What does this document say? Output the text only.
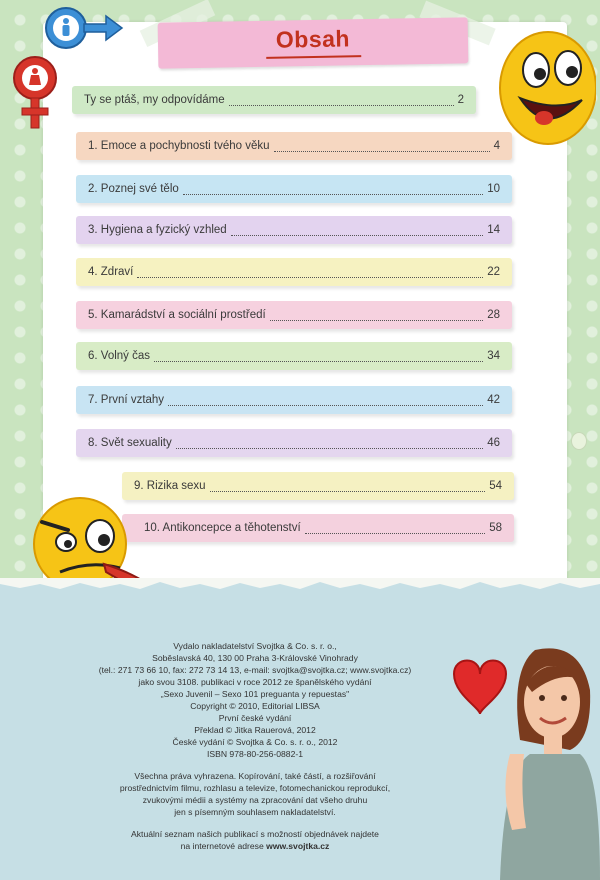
Obsah
Ty se ptáš, my odpovídáme	2
1. Emoce a pochybnosti tvého věku	4
2. Poznej své tělo	10
3. Hygiena a fyzický vzhled	14
4. Zdraví	22
5. Kamarádství a sociální prostředí	28
6. Volný čas	34
7. První vztahy	42
8. Svět sexuality	46
9. Rizika sexu	54
10. Antikoncepce a těhotenství	58
Vydalo nakladatelství Svojtka & Co. s. r. o.,
Soběslavská 40, 130 00 Praha 3-Královské Vinohrady
(tel.: 271 73 66 10, fax: 272 73 14 13, e-mail: svojtka@svojtka.cz; www.svojtka.cz)
jako svou 3108. publikaci v roce 2012 ze španělského vydání
„Sexo Juvenil – Sexo 101 preguanta y repuestas"
Copyright © 2010, Editorial LIBSA
První české vydání
Překlad © Jitka Rauerová, 2012
České vydání © Svojtka & Co. s. r. o., 2012
ISBN 978-80-256-0882-1
Všechna práva vyhrazena. Kopírování, také částí, a rozšiřování
prostřednictvím filmu, rozhlasu a televize, fotomechanickou reprodukcí,
zvukovými médii a systémy na zpracování dat všeho druhu
jen s písemným souhlasem nakladatelství.
Aktuální seznam našich publikací s možností objednávek najdete
na internetové adrese www.svojtka.cz
